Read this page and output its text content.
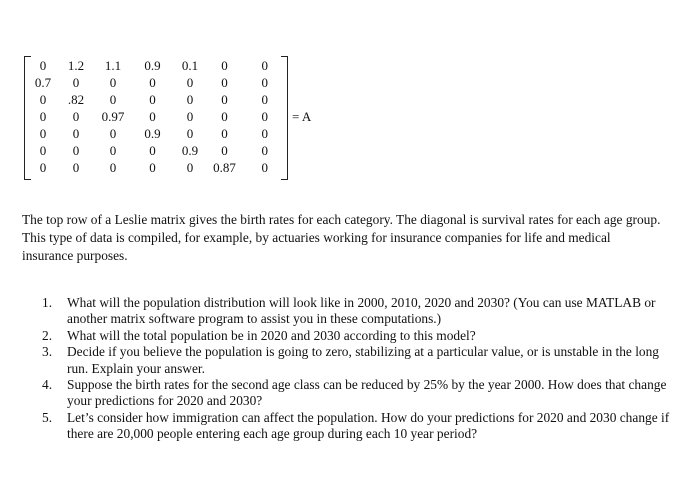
0	1.2	1.1	0.9	0.1	0	0
0.7	0	0	0	0	0	0
0	.82	0	0	0	0	0
0	0	0.97	0	0	0	0
0	0	0	0.9	0	0	0
0	0	0	0	0.9	0	0
0	0	0	0	0	0.87	0
= A

The top row of a Leslie matrix gives the birth rates for each category. The diagonal is survival rates for each age group. This type of data is compiled, for example, by actuaries working for insurance companies for life and medical insurance purposes.

1. What will the population distribution will look like in 2000, 2010, 2020 and 2030? (You can use MATLAB or another matrix software program to assist you in these computations.)
2. What will the total population be in 2020 and 2030 according to this model?
3. Decide if you believe the population is going to zero, stabilizing at a particular value, or is unstable in the long run. Explain your answer.
4. Suppose the birth rates for the second age class can be reduced by 25% by the year 2000. How does that change your predictions for 2020 and 2030?
5. Let’s consider how immigration can affect the population. How do your predictions for 2020 and 2030 change if there are 20,000 people entering each age group during each 10 year period?
